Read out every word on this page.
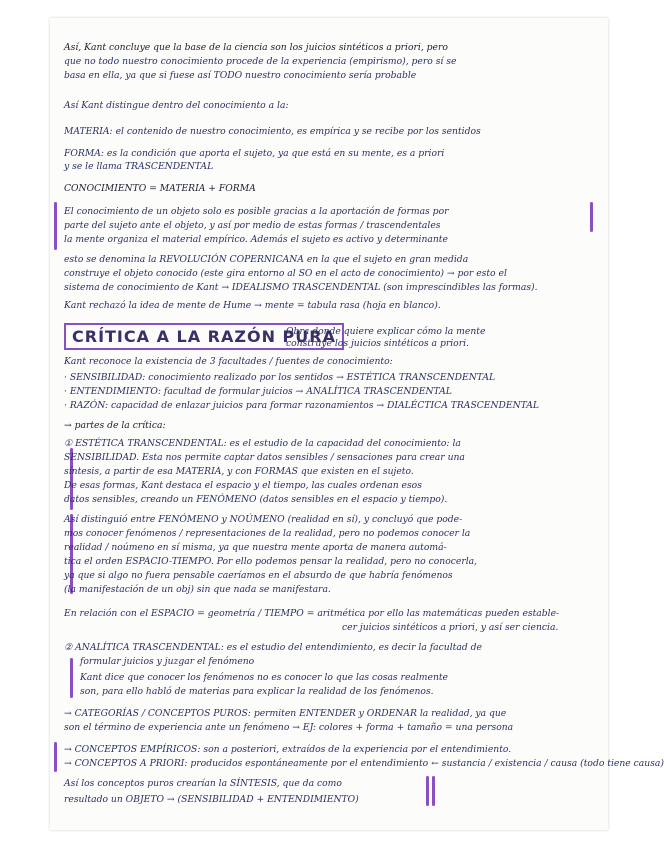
CRÍTICA A LA RAZÓN PURA
Así, Kant concluye que la base de la ciencia son los juicios sintéticos a priori, pero
que no todo nuestro conocimiento procede de la experiencia (empirismo), pero sí se
basa en ella, ya que si fuese así TODO nuestro conocimiento sería probable
Así Kant distingue dentro del conocimiento a la:
MATERIA: el contenido de nuestro conocimiento, es empírica y se recibe por los sentidos
FORMA: es la condición que aporta el sujeto, ya que está en su mente, es a priori
y se le llama TRASCENDENTAL
CONOCIMIENTO = MATERIA + FORMA
El conocimiento de un objeto solo es posible gracias a la aportación de formas por
parte del sujeto ante el objeto, y así por medio de estas formas / trascendentales
la mente organiza el material empírico. Además el sujeto es activo y determinante
esto se denomina la REVOLUCIÓN COPERNICANA en la que el sujeto en gran medida
construye el objeto conocido (este gira entorno al SO en el acto de conocimiento) → por esto el
sistema de conocimiento de Kant → IDEALISMO TRASCENDENTAL (son imprescindibles las formas).
Kant rechazó la idea de mente de Hume → mente = tabula rasa (hoja en blanco).
Obra donde quiere explicar cómo la mente
construye los juicios sintéticos a priori.
Kant reconoce la existencia de 3 facultades / fuentes de conocimiento:
· SENSIBILIDAD: conocimiento realizado por los sentidos → ESTÉTICA TRANSCENDENTAL
· ENTENDIMIENTO: facultad de formular juicios → ANALÍTICA TRASCENDENTAL
· RAZÓN: capacidad de enlazar juicios para formar razonamientos → DIALÉCTICA TRASCENDENTAL
→ partes de la crítica:
① ESTÉTICA TRANSCENDENTAL: es el estudio de la capacidad del conocimiento: la
SENSIBILIDAD. Esta nos permite captar datos sensibles / sensaciones para crear una
síntesis, a partir de esa MATERIA, y con FORMAS que existen en el sujeto.
De esas formas, Kant destaca el espacio y el tiempo, las cuales ordenan esos
datos sensibles, creando un FENÓMENO (datos sensibles en el espacio y tiempo).
Así distinguió entre FENÓMENO y NOÚMENO (realidad en sí), y concluyó que pode-
mos conocer fenómenos / representaciones de la realidad, pero no podemos conocer la
realidad / noúmeno en sí misma, ya que nuestra mente aporta de manera automá-
tica el orden ESPACIO-TIEMPO. Por ello podemos pensar la realidad, pero no conocerla,
ya que si algo no fuera pensable caeríamos en el absurdo de que habría fenómenos
(la manifestación de un obj) sin que nada se manifestara.
En relación con el ESPACIO = geometría / TIEMPO = aritmética por ello las matemáticas pueden estable-
cer juicios sintéticos a priori, y así ser ciencia.
② ANALÍTICA TRASCENDENTAL: es el estudio del entendimiento, es decir la facultad de
formular juicios y juzgar el fenómeno
Kant dice que conocer los fenómenos no es conocer lo que las cosas realmente
son, para ello habló de materias para explicar la realidad de los fenómenos.
→ CATEGORÍAS / CONCEPTOS PUROS: permiten ENTENDER y ORDENAR la realidad, ya que
son el término de experiencia ante un fenómeno → EJ: colores + forma + tamaño = una persona
→ CONCEPTOS EMPÍRICOS: son a posteriori, extraídos de la experiencia por el entendimiento.
→ CONCEPTOS A PRIORI: producidos espontáneamente por el entendimiento ← sustancia / existencia / causa (todo tiene causa)
Así los conceptos puros crearían la SÍNTESIS, que da como
resultado un OBJETO → (SENSIBILIDAD + ENTENDIMIENTO)
